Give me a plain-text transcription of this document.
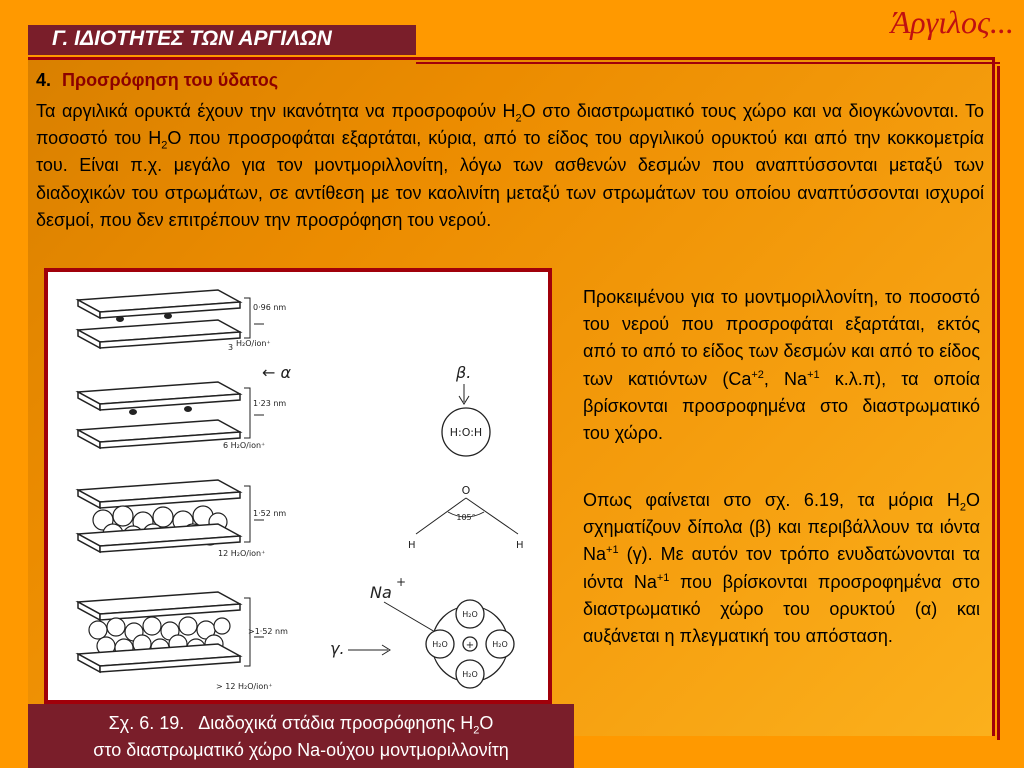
Γ. ΙΔΙΟΤΗΤΕΣ ΤΩΝ ΑΡΓΙΛΩΝ	Άργιλος...
4. Προσρόφηση του ύδατος

Τα αργιλικά ορυκτά έχουν την ικανότητα να προσροφούν $H_2O$ στο διαστρωματικό τους χώρο και να διογκώνονται. Το ποσοστό του $H_2O$ που προσροφάται εξαρτάται, κύρια, από το είδος του αργιλικού ορυκτού και από την κοκκομετρία του. Είναι π.χ. μεγάλο για τον μοντμοριλλονίτη, λόγω των ασθενών δεσμών που αναπτύσσονται μεταξύ των διαδοχικών του στρωμάτων, σε αντίθεση με τον καολινίτη μεταξύ των στρωμάτων του οποίου αναπτύσσονται ισχυροί δεσμοί, που δεν επιτρέπουν την προσρόφηση του νερού.

0·96 nm
3 H₂O/ion⁺
1·23 nm
6 H₂O/ion⁺
1·52 nm
12 H₂O/ion⁺
>1·52 nm
> 12 H₂O/ion⁺
← α	β.
H:O:H
O
105°
H	H
Na
+
γ.
H₂O
H₂O
H₂O	H₂O
+

Προκειμένου για το μοντμοριλλονίτη, το ποσοστό του νερού που προσροφάται εξαρτάται, εκτός από το από το είδος των δεσμών και από το είδος των κατιόντων ($Ca^{+2}$, $Na^{+1}$ κ.λ.π), τα οποία βρίσκονται προσροφημένα στο διαστρωματικό του χώρο.

Οπως φαίνεται στο σχ. 6.19, τα μόρια $H_2O$ σχηματίζουν δίπολα (β) και περιβάλλουν τα ιόντα $Na^{+1}$ (γ). Με αυτόν τον τρόπο ενυδατώνονται τα ιόντα $Na^{+1}$ που βρίσκονται προσροφημένα στο διαστρωματικό χώρο του ορυκτού (α) και αυξάνεται η πλεγματική του απόσταση.

Σχ. 6. 19.   Διαδοχικά στάδια προσρόφησης $H_2O$
στο διαστρωματικό χώρο Na-ούχου μοντμοριλλονίτη
